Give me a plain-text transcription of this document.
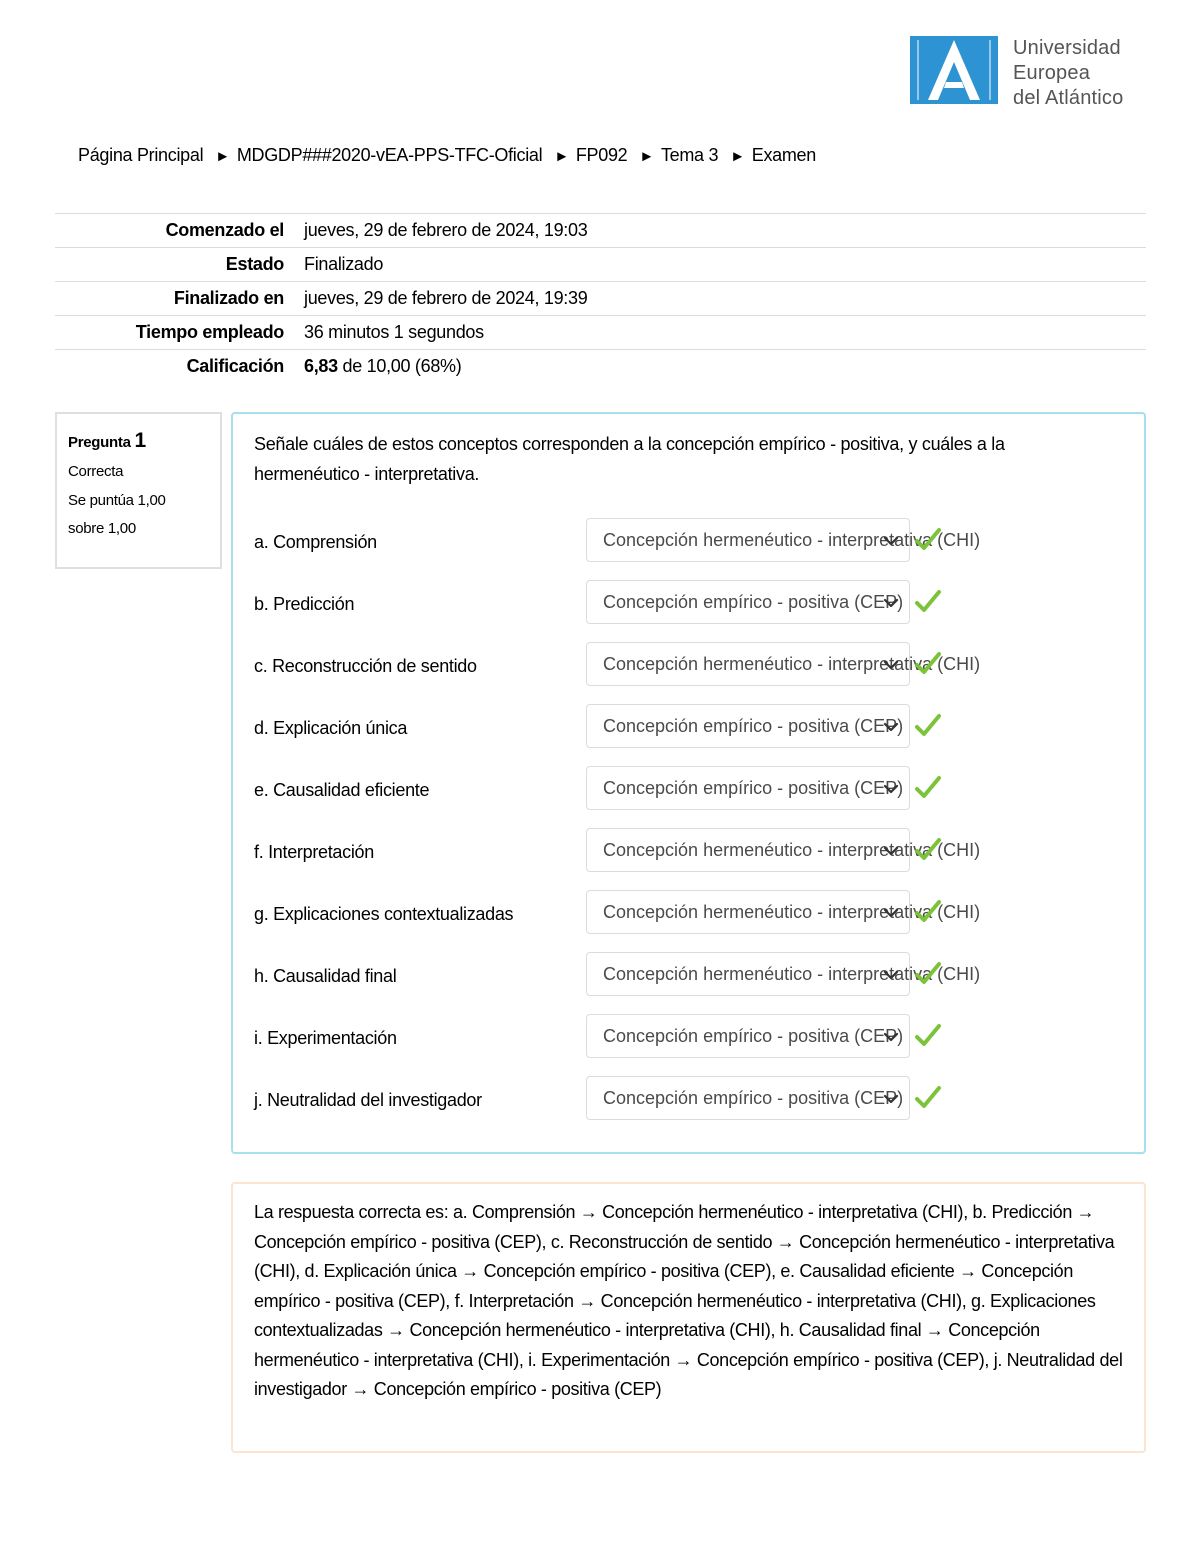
Universidad
Europea
del Atlántico
Página Principal ► MDGDP###2020-vEA-PPS-TFC-Oficial ► FP092 ► Tema 3 ► Examen
Comenzado el	jueves, 29 de febrero de 2024, 19:03
Estado	Finalizado
Finalizado en	jueves, 29 de febrero de 2024, 19:39
Tiempo empleado	36 minutos 1 segundos
Calificación	6,83 de 10,00 (68%)
Pregunta 1
Correcta
Se puntúa 1,00
sobre 1,00
Señale cuáles de estos conceptos corresponden a la concepción empírico - positiva, y cuáles a la hermenéutico - interpretativa.
a. Comprensión	Concepción hermenéutico - interpretativa (CHI)
b. Predicción	Concepción empírico - positiva (CEP)
c. Reconstrucción de sentido	Concepción hermenéutico - interpretativa (CHI)
d. Explicación única	Concepción empírico - positiva (CEP)
e. Causalidad eficiente	Concepción empírico - positiva (CEP)
f. Interpretación	Concepción hermenéutico - interpretativa (CHI)
g. Explicaciones contextualizadas	Concepción hermenéutico - interpretativa (CHI)
h. Causalidad final	Concepción hermenéutico - interpretativa (CHI)
i. Experimentación	Concepción empírico - positiva (CEP)
j. Neutralidad del investigador	Concepción empírico - positiva (CEP)
La respuesta correcta es: a. Comprensión → Concepción hermenéutico - interpretativa (CHI), b. Predicción → Concepción empírico - positiva (CEP), c. Reconstrucción de sentido → Concepción hermenéutico - interpretativa (CHI), d. Explicación única → Concepción empírico - positiva (CEP), e. Causalidad eficiente → Concepción empírico - positiva (CEP), f. Interpretación → Concepción hermenéutico - interpretativa (CHI), g. Explicaciones contextualizadas → Concepción hermenéutico - interpretativa (CHI), h. Causalidad final → Concepción hermenéutico - interpretativa (CHI), i. Experimentación → Concepción empírico - positiva (CEP), j. Neutralidad del investigador → Concepción empírico - positiva (CEP)
